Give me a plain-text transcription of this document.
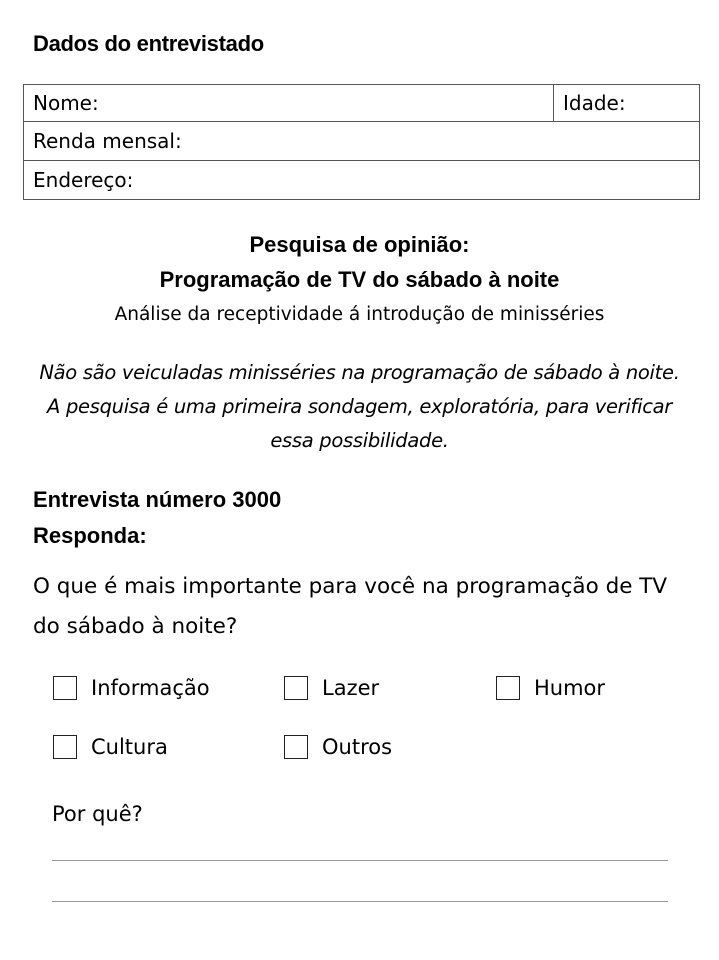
Dados do entrevistado
Nome:	Idade:
Renda mensal:
Endereço:
Pesquisa de opinião:
Programação de TV do sábado à noite
Análise da receptividade á introdução de minisséries
Não são veiculadas minisséries na programação de sábado à noite. A pesquisa é uma primeira sondagem, exploratória, para verificar essa possibilidade.
Entrevista número 3000
Responda:
O que é mais importante para você na programação de TV do sábado à noite?
Informação	Lazer	Humor
Cultura	Outros
Por quê?
